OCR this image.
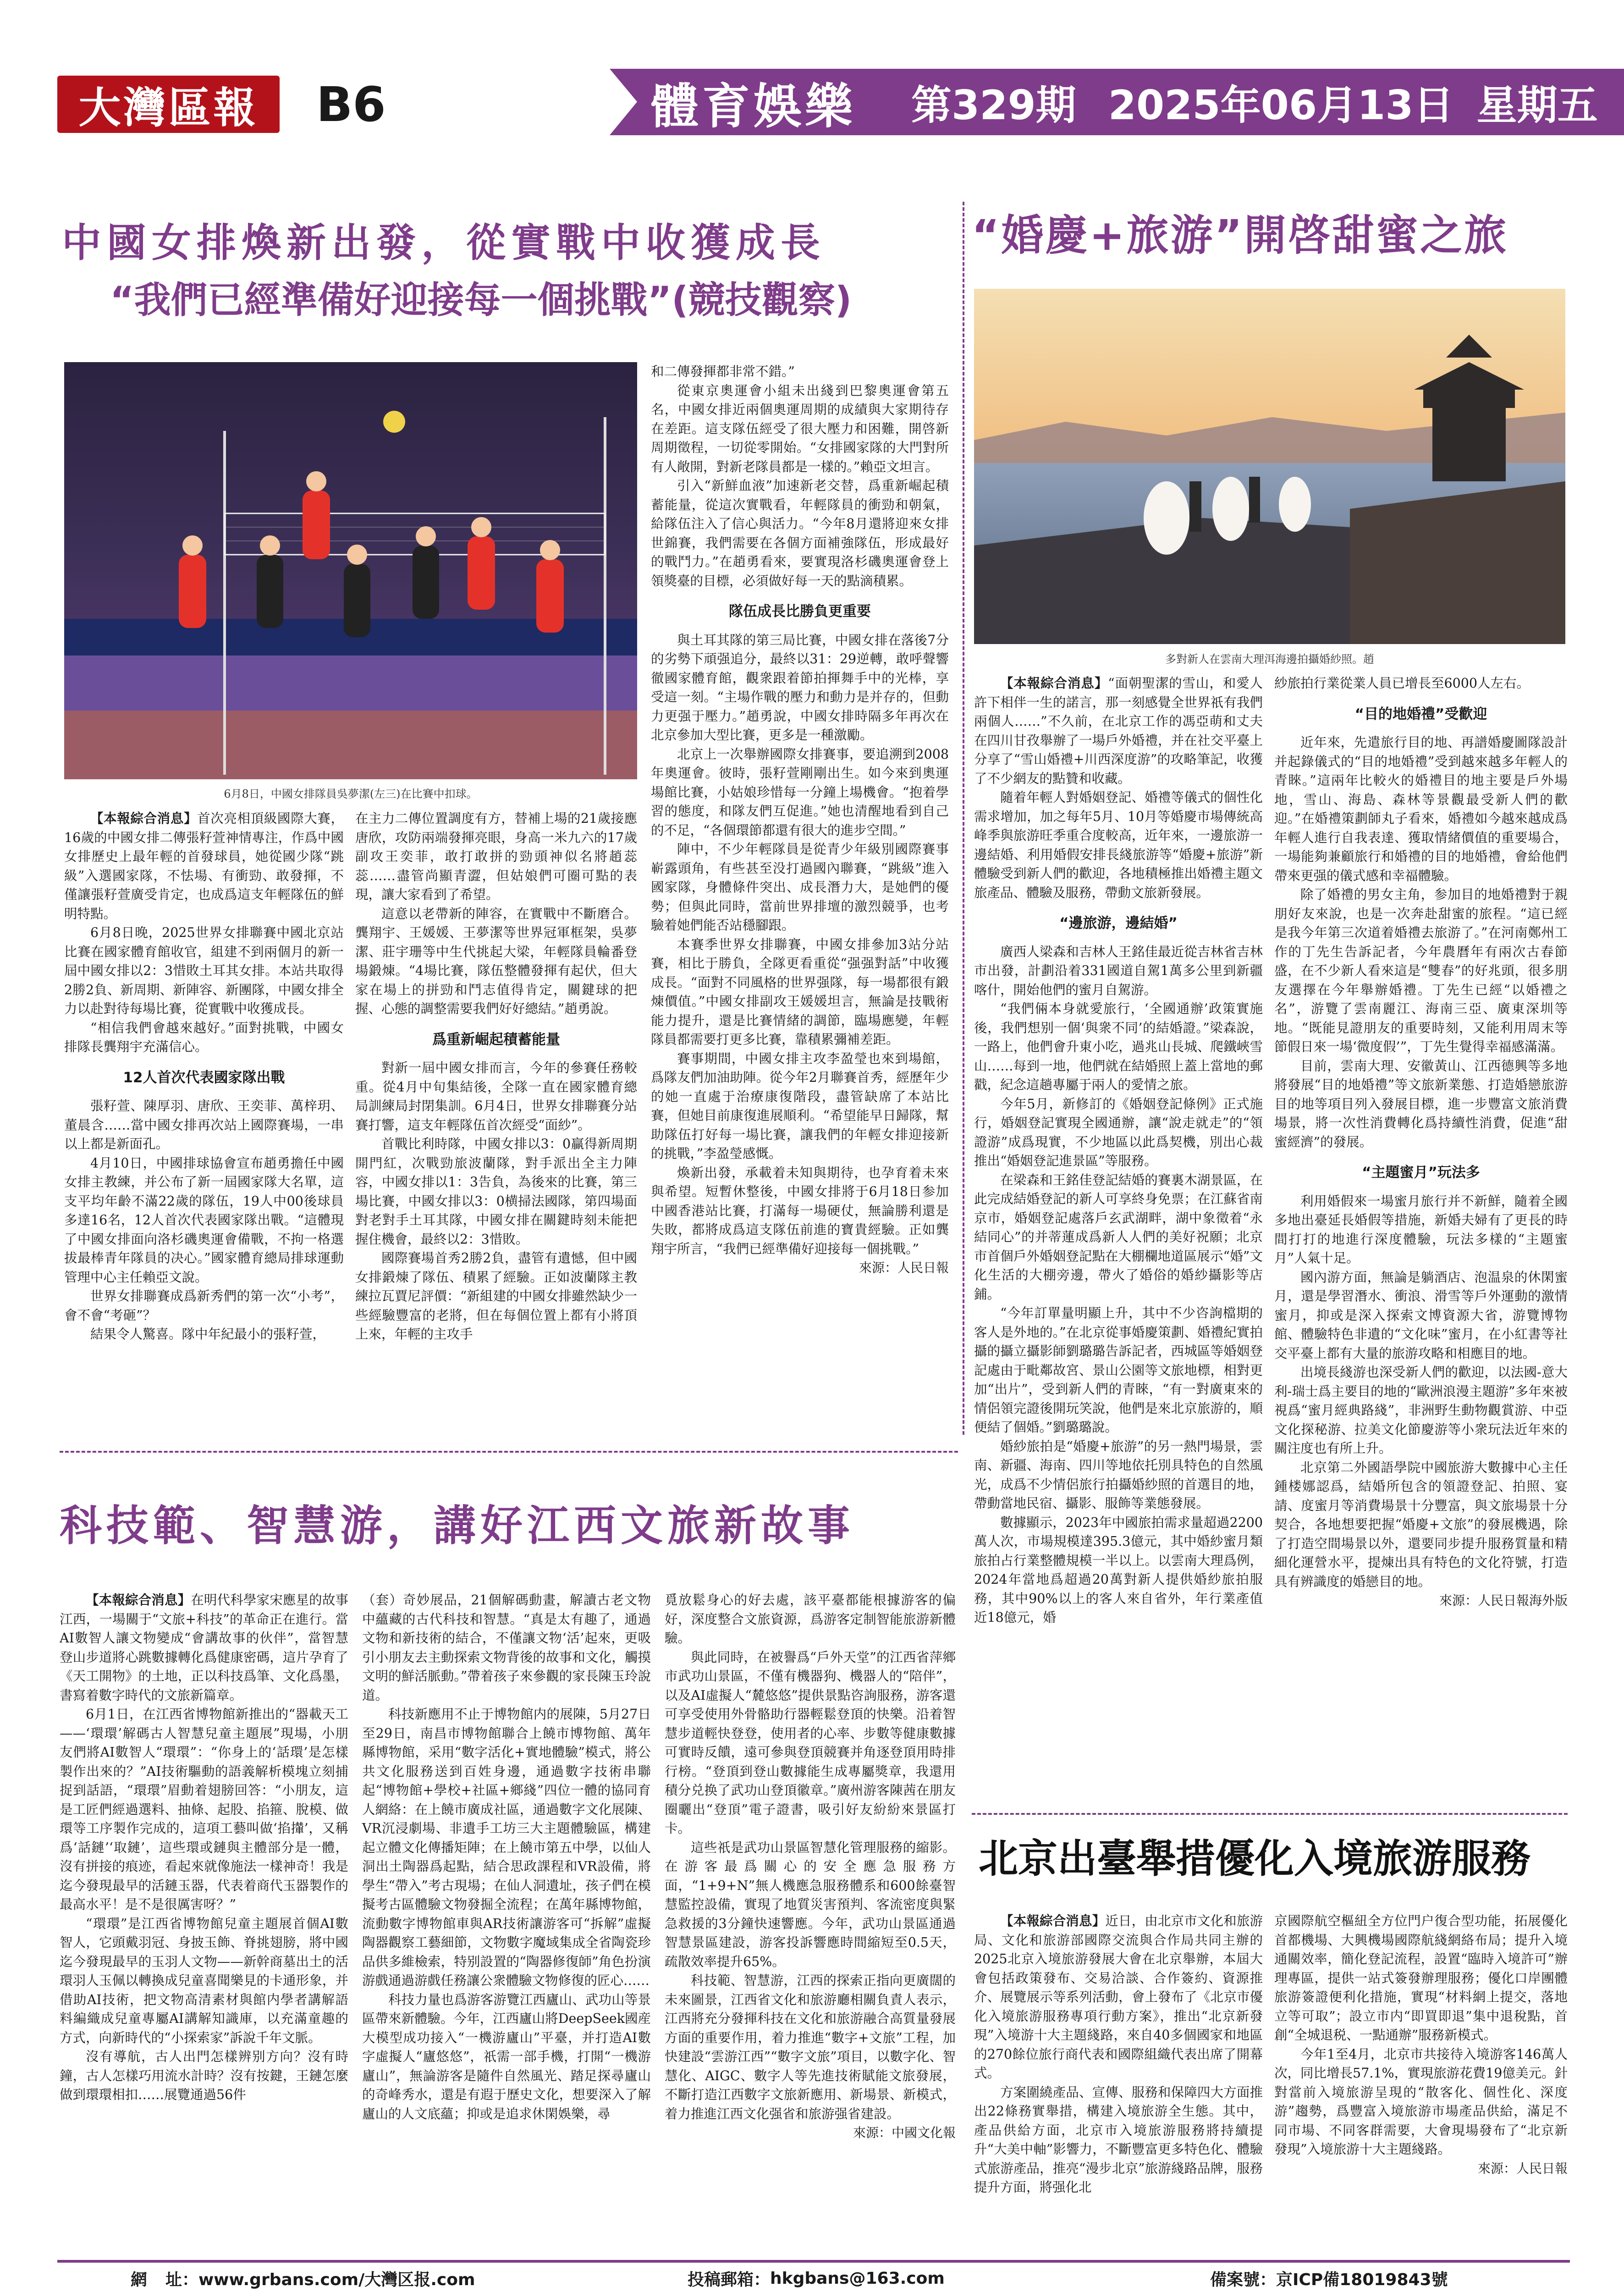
大灣區報	B6	體育娛樂 第329期 2025年06月13日 星期五
中國女排煥新出發，從實戰中收獲成長
“我們已經準備好迎接每一個挑戰”(競技觀察)
6月8日，中國女排隊員吳夢潔(左三)在比賽中扣球。

【本報綜合消息】首次亮相頂級國際大賽，16歲的中國女排二傳張籽萱神情專注，作爲中國女排歷史上最年輕的首發球員，她從國少隊“跳級”入選國家隊，不怯場、有衝勁、敢發揮，不僅讓張籽萱廣受肯定，也成爲這支年輕隊伍的鮮明特點。

6月8日晚，2025世界女排聯賽中國北京站比賽在國家體育館收官，組建不到兩個月的新一屆中國女排以2：3惜敗土耳其女排。本站共取得2勝2負、新周期、新陣容、新團隊，中國女排全力以赴對待每場比賽，從實戰中收獲成長。

“相信我們會越來越好。”面對挑戰，中國女排隊長龔翔宇充滿信心。

12人首次代表國家隊出戰

張籽萱、陳厚羽、唐欣、王奕菲、萬梓玥、董晨含……當中國女排再次站上國際賽場，一串以上都是新面孔。

4月10日，中國排球協會宣布趙勇擔任中國女排主教練，并公布了新一屆國家隊大名單，這支平均年齡不滿22歲的隊伍，19人中00後球員多達16名，12人首次代表國家隊出戰。“這體現了中國女排面向洛杉磯奧運會備戰，不拘一格選拔最棒青年隊員的决心。”國家體育總局排球運動管理中心主任賴亞文說。

世界女排聯賽成爲新秀們的第一次“小考”，會不會“考砸”？

結果令人驚喜。隊中年紀最小的張籽萱，

在主力二傳位置調度有方，替補上場的21歲接應唐欣，攻防兩端發揮亮眼，身高一米九六的17歲副攻王奕菲，敢打敢拼的勁頭神似名將趙蕊蕊……盡管尚顯青澀，但姑娘們可圈可點的表現，讓大家看到了希望。

這意以老帶新的陣容，在實戰中不斷磨合。龔翔宇、王媛媛、王夢潔等世界冠軍框架，吳夢潔、莊宇珊等中生代挑起大梁，年輕隊員輪番登場鍛煉。“4場比賽，隊伍整體發揮有起伏，但大家在場上的拼勁和鬥志值得肯定，關鍵球的把握、心態的調整需要我們好好總結。”趙勇說。

爲重新崛起積蓄能量

對新一屆中國女排而言，今年的參賽任務較重。從4月中旬集結後，全隊一直在國家體育總局訓練局封閉集訓。6月4日，世界女排聯賽分站賽打響，這支年輕隊伍首次經受“面紗”。

首戰比利時隊，中國女排以3：0贏得新周期開門紅，次戰勁旅波蘭隊，對手派出全主力陣容，中國女排以1：3告負，為後來的比賽，第三場比賽，中國女排以3：0横掃法國隊，第四場面對老對手土耳其隊，中國女排在關鍵時刻未能把握住機會，最終以2：3惜敗。

國際賽場首秀2勝2負，盡管有遺憾，但中國女排鍛煉了隊伍、積累了經驗。正如波蘭隊主教練拉瓦賈尼評價：“新組建的中國女排雖然缺少一些經驗豐富的老將，但在每個位置上都有小將頂上來，年輕的主攻手

和二傳發揮都非常不錯。”

從東京奧運會小組未出綫到巴黎奧運會第五名，中國女排近兩個奧運周期的成績與大家期待存在差距。這支隊伍經受了很大壓力和困難，開啓新周期徵程，一切從零開始。“女排國家隊的大門對所有人敞開，對新老隊員都是一樣的。”賴亞文坦言。

引入“新鮮血液”加速新老交替，爲重新崛起積蓄能量，從這次實戰看，年輕隊員的衝勁和朝氣，給隊伍注入了信心與活力。“今年8月還將迎來女排世錦賽，我們需要在各個方面補強隊伍，形成最好的戰鬥力。”在趙勇看來，要實現洛杉磯奧運會登上領獎臺的目標，必須做好每一天的點滴積累。

隊伍成長比勝負更重要

與土耳其隊的第三局比賽，中國女排在落後7分的劣勢下頑强追分，最終以31：29逆轉，敢呼聲響徹國家體育館，觀衆跟着節拍揮舞手中的光棒，享受這一刻。“主場作戰的壓力和動力是并存的，但動力更强于壓力。”趙勇說，中國女排時隔多年再次在北京參加大型比賽，更多是一種激勵。

北京上一次舉辦國際女排賽事，要追溯到2008年奧運會。彼時，張籽萱剛剛出生。如今來到奧運場館比賽，小姑娘珍惜每一分鐘上場機會。“抱着學習的態度，和隊友們互促進。”她也清醒地看到自己的不足，“各個環節都還有很大的進步空間。”

陣中，不少年輕隊員是從青少年級別國際賽事嶄露頭角，有些甚至没打過國內聯賽，“跳級”進入國家隊，身體條件突出、成長潛力大，是她們的優勢；但與此同時，當前世界排壇的激烈競爭，也考驗着她們能否站穩腳跟。

本賽季世界女排聯賽，中國女排參加3站分站賽，相比于勝負，全隊更看重從“强强對話”中收獲成長。“面對不同風格的世界强隊，每一場都很有鍛煉價值。”中國女排副攻王媛媛坦言，無論是技戰術能力提升，還是比賽情緒的調節，臨場應變，年輕隊員都需要打更多比賽，靠積累彌補差距。

賽事期間，中國女排主攻李盈瑩也來到場館，爲隊友們加油助陣。從今年2月聯賽首秀，經歷年少的她一直處于治療康復階段，盡管缺席了本站比賽，但她目前康復進展順利。“希望能早日歸隊，幫助隊伍打好每一場比賽，讓我們的年輕女排迎接新的挑戰，”李盈瑩感慨。

煥新出發，承載着未知與期待，也孕育着未來與希望。短暫休整後，中國女排將于6月18日参加中國香港站比賽，打滿每一場硬仗，無論勝利還是失敗，都將成爲這支隊伍前進的寶貴經驗。正如龔翔宇所言，“我們已經準備好迎接每一個挑戰。”

來源：人民日報
“婚慶+旅游”開啓甜蜜之旅
多對新人在雲南大理洱海邊拍攝婚紗照。趙

【本報綜合消息】“面朝聖潔的雪山，和愛人許下相伴一生的諾言，那一刻感覺全世界祇有我們兩個人……”不久前，在北京工作的馮亞萌和丈夫在四川甘孜舉辦了一場戶外婚禮，并在社交平臺上分享了“雪山婚禮+川西深度游”的攻略筆記，收獲了不少網友的點贊和收藏。

隨着年輕人對婚姻登記、婚禮等儀式的個性化需求增加，加之每年5月、10月等婚慶市場傳統高峰季與旅游旺季重合度較高，近年來，一邊旅游一邊結婚、利用婚假安排長綫旅游等“婚慶+旅游”新體驗受到新人們的歡迎，各地積極推出婚禮主題文旅產品、體驗及服務，帶動文旅新發展。

“邊旅游，邊結婚”

廣西人梁森和吉林人王銘佳最近從吉林省吉林市出發，計劃沿着331國道自駕1萬多公里到新疆喀什，開始他們的蜜月自駕游。

“我們倆本身就愛旅行，‘全國通辦’政策實施後，我們想别一個‘與衆不同’的結婚證。”梁森說，一路上，他們會升東小吃，過兆山長城、爬鐵峽雪山……每到一地，他們就在結婚照上蓋上當地的郵戳，紀念這趟專屬于兩人的愛情之旅。

今年5月，新修訂的《婚姻登記條例》正式施行，婚姻登記實現全國通辦，讓“說走就走”的“領證游”成爲現實，不少地區以此爲契機，別出心裁推出“婚姻登記進景區”等服務。

在梁森和王銘佳登記結婚的賽裏木湖景區，在此完成結婚登記的新人可享終身免票；在江蘇省南京市，婚姻登記處落戶玄武湖畔，湖中象徵着“永結同心”的并蒂蓮成爲新人人們的美好祝願；北京市首個戶外婚姻登記點在大棚欄地道區展示“婚”文化生活的大棚旁邊，帶火了婚俗的婚紗攝影等店鋪。

“今年訂單量明顯上升，其中不少咨詢檔期的客人是外地的。”在北京從事婚慶策劃、婚禮紀實拍攝的攝立攝影師劉璐璐告訴記者，西城區等婚姻登記處由于毗鄰故宮、景山公園等文旅地標，相對更加“出片”，受到新人們的青睞，“有一對廣東來的情侶領完證後開玩笑說，他們是來北京旅游的，順便結了個婚。”劉璐璐說。

婚紗旅拍是“婚慶+旅游”的另一熱門場景，雲南、新疆、海南、四川等地依托別具特色的自然風光，成爲不少情侶旅行拍攝婚紗照的首選目的地，帶動當地民宿、攝影、服飾等業態發展。

數據顯示，2023年中國旅拍需求量超過2200萬人次，市場規模達395.3億元，其中婚紗蜜月類旅拍占行業整體規模一半以上。以雲南大理爲例，2024年當地爲超過20萬對新人提供婚紗旅拍服務，其中90%以上的客人來自省外，年行業產值近18億元，婚

紗旅拍行業從業人員已增長至6000人左右。

“目的地婚禮”受歡迎

近年來，先遣旅行目的地、再譜婚慶圖隊設計并起錄儀式的“目的地婚禮”受到越來越多年輕人的青睞。”這兩年比較火的婚禮目的地主要是戶外場地，雪山、海島、森林等景觀最受新人們的歡迎。”在婚禮策劃師丸子看來，婚禮如今越來越成爲年輕人進行自我表達、獲取情緒價值的重要場合，一場能夠兼顧旅行和婚禮的目的地婚禮，會給他們帶來更强的儀式感和幸福體驗。

除了婚禮的男女主角，参加目的地婚禮對于親朋好友來說，也是一次奔赴甜蜜的旅程。“這已經是我今年第三次道着婚禮去旅游了。”在河南鄭州工作的丁先生告訴記者，今年農曆年有兩次古春節盛，在不少新人看來這是“雙春”的好兆頭，很多朋友選擇在今年舉辦婚禮。丁先生已經“以婚禮之名”，游覽了雲南麗江、海南三亞、廣東深圳等地。“既能見證朋友的重要時刻，又能利用周末等節假日來一場‘微度假’”，丁先生覺得幸福感滿滿。

目前，雲南大理、安徽黃山、江西德興等多地將發展“目的地婚禮”等文旅新業態、打造婚戀旅游目的地等項目列入發展目標，進一步豐富文旅消費場景，將一次性消費轉化爲持續性消費，促進“甜蜜經濟”的發展。

“主題蜜月”玩法多

利用婚假來一場蜜月旅行并不新鮮，隨着全國多地出臺延長婚假等措施，新婚夫婦有了更長的時間打打的地進行深度體驗，玩法多樣的“主題蜜月”人氣十足。

國內游方面，無論是躺酒店、泡温泉的休閑蜜月，還是學習潛水、衝浪、滑雪等戶外運動的激情蜜月，抑或是深入探索文博資源大省，游覽博物館、體驗特色非遺的“文化味”蜜月，在小紅書等社交平臺上都有大量的旅游攻略和相應目的地。

出境長綫游也深受新人們的歡迎，以法國-意大利-瑞士爲主要目的地的“歐洲浪漫主題游”多年來被視爲“蜜月經典路綫”，非洲野生動物觀賞游、中亞文化探秘游、拉美文化節慶游等小衆玩法近年來的關注度也有所上升。

北京第二外國語學院中國旅游大數據中心主任鍾楼娜認爲，結婚所包含的領證登記、拍照、宴請、度蜜月等消費場景十分豐富，與文旅場景十分契合，各地想要把握“婚慶+文旅”的發展機遇，除了打造空間場景以外，還要同步提升服務質量和精細化運營水平，提煉出具有特色的文化符號，打造具有辨識度的婚戀目的地。

來源：人民日報海外版
科技範、智慧游，講好江西文旅新故事

【本報綜合消息】在明代科學家宋應星的故事江西，一場關于“文旅+科技”的革命正在進行。當AI數智人讓文物變成“會講故事的伙伴”，當智慧登山步道將心跳數據轉化爲健康密碼，這片孕育了《天工開物》的土地，正以科技爲筆、文化爲墨，書寫着數字時代的文旅新篇章。

6月1日，在江西省博物館新推出的“器載天工——‘環環’解碼古人智慧兒童主題展”現場，小朋友們將AI數智人“環環”：“你身上的‘話環’是怎樣製作出來的？”AI技術驅動的語義解析模塊立刻捕捉到話語，“環環”眉動着翅膀回答：“小朋友，這是工匠們經過選料、抽條、起股、掐箍、脫模、做環等工序製作完成的，這項工藝叫做‘掐攆’，又稱爲‘話鏈’‘取鏈’，這些環或鏈與主體部分是一體，沒有拼接的痕迹，看起來就像施法一樣神奇！我是迄今發現最早的活鏈玉器，代表着商代玉器製作的最高水平！是不是很厲害呀？”

“環環”是江西省博物館兒童主題展首個AI數智人，它頭戴羽冠、身披玉飾、脊挑翅膀，將中國迄今發現最早的玉羽人文物——新幹商墓出土的活環羽人玉佩以轉換成兒童喜聞樂見的卡通形象，并借助AI技術，把文物高清素材與館内學者講解語料編織成兒童專屬AI講解知識庫，以充滿童趣的方式，向新時代的“小探索家”訴說千年文脈。

沒有導航，古人出門怎樣辨别方向？沒有時鐘，古人怎樣巧用流水計時？沒有按鍵，王鏈怎麼做到環環相扣……展覽通過56件

（套）奇妙展品，21個解碼動畫，解讀古老文物中蘊藏的古代科技和智慧。“真是太有趣了，通過文物和新技術的結合，不僅讓文物‘活’起來，更吸引小朋友去主動探索文物背後的故事和文化，觸摸文明的鮮活脈動。”帶着孩子來參觀的家長陳玉玲說道。

科技新應用不止于博物館内的展陳，5月27日至29日，南昌市博物館聯合上饒市博物館、萬年縣博物館，采用“數字活化+實地體驗”模式，將公共文化服務送到百姓身邊，通過數字技術串聯起“博物館+學校+社區+鄉綫”四位一體的協同育人網絡：在上饒市廣成社區，通過數字文化展陳、VR沉浸劇場、非遺手工坊三大主題體驗區，構建起立體文化傳播矩陣；在上饒市第五中學，以仙人洞出土陶器爲起點，結合思政課程和VR設備，將學生“帶入”考古現場；在仙人洞遺址，孩子們在模擬考古區體驗文物發掘全流程；在萬年縣博物館，流動數字博物館車與AR技術讓游客可“拆解”虛擬陶器觀察工藝細節，文物數字魔域集成全省陶瓷珍品供多維檢索，特别設置的“陶器修復師”角色扮演游戲通過游戲任務讓公衆體驗文物修復的匠心……

科技力量也爲游客游覽江西廬山、武功山等景區帶來新體驗。今年，江西廬山將DeepSeek國産大模型成功接入“一機游廬山”平臺，并打造AI數字虛擬人“廬悠悠”，祇需一部手機，打開“一機游廬山”，無論游客是隨件自然風光、踏足探尋廬山的奇峰秀水，還是有遐于歷史文化，想要深入了解廬山的人文底蘊；抑或是追求休閑娛樂，尋

覓放鬆身心的好去處，該平臺都能根據游客的偏好，深度整合文旅資源，爲游客定制智能旅游新體驗。

與此同時，在被譽爲“戶外天堂”的江西省萍鄉市武功山景區，不僅有機器狗、機器人的“陪伴”，以及AI虛擬人“麓悠悠”提供景點咨詢服務，游客還可享受使用外骨骼助行器輕鬆登頂的快樂。沿着智慧步道輕快登登，使用者的心率、步數等健康數據可實時反饋，遠可參與登頂競賽并角逐登頂用時排行榜。“登頂到登山數據能生成專屬獎章，我還用積分兑换了武功山登頂徽章。”廣州游客陳茜在朋友圈曬出“登頂”電子證書，吸引好友紛紛來景區打卡。

這些祇是武功山景區智慧化管理服務的縮影。在游客最爲關心的安全應急服務方面，“1+9+N”無人機應急服務體系和600餘臺智慧監控設備，實現了地質災害預判、客流密度與緊急救援的3分鐘快速響應。今年，武功山景區通過智慧景區建設，游客投訴響應時間縮短至0.5天，疏散效率提升65%。

科技範、智慧游，江西的探索正指向更廣闊的未來圖景，江西省文化和旅游廳相關負責人表示，江西將充分發揮科技在文化和旅游融合高質量發展方面的重要作用，着力推進“數字+文旅”工程，加快建設“雲游江西”“數字文旅”項目，以數字化、智慧化、AIGC、數字人等先進技術賦能文旅發展，不斷打造江西數字文旅新應用、新場景、新模式，着力推進江西文化强省和旅游强省建設。

來源：中國文化報
北京出臺舉措優化入境旅游服務

【本報綜合消息】近日，由北京市文化和旅游局、文化和旅游部國際交流與合作局共同主辦的2025北京入境旅游發展大會在北京舉辦，本屆大會包括政策發布、交易洽談、合作簽約、資源推介、展覽展示等系列活動，會上發布了《北京市優化入境旅游服務專項行動方案》，推出“北京新發現”入境游十大主題綫路，來自40多個國家和地區的270餘位旅行商代表和國際組織代表出席了開幕式。

方案圍繞產品、宣傳、服務和保障四大方面推出22條務實舉措，構建入境旅游全生態。其中，產品供給方面，北京市入境旅游服務將持續提升“大美中軸”影響力，不斷豐富更多特色化、體驗式旅游產品，推亮“漫步北京”旅游綫路品牌，服務提升方面，將强化北

京國際航空樞紐全方位門户復合型功能，拓展優化首都機場、大興機場國際航綫網絡布局；提升入境通關效率，簡化登記流程，設置“臨時入境許可”辦理專區，提供一站式簽發辦理服務；優化口岸團體旅游簽證便利化措施，實現“材料網上提交，落地立等可取”；設立市内“即買即退”集中退稅點，首創“全城退税、一點通辦”服務新模式。

今年1至4月，北京市共接待入境游客146萬人次，同比增長57.1%，實現旅游花費19億美元。針對當前入境旅游呈現的“散客化、個性化、深度游”趨勢，爲豐富入境旅游市場產品供給，滿足不同市場、不同客群需要，大會現場發布了“北京新發現”入境旅游十大主題綫路。

來源：人民日報
網 址： www.grbans.com/大灣区报.com	投稿郵箱： hkgbans@163.com	備案號： 京ICP備18019843號
